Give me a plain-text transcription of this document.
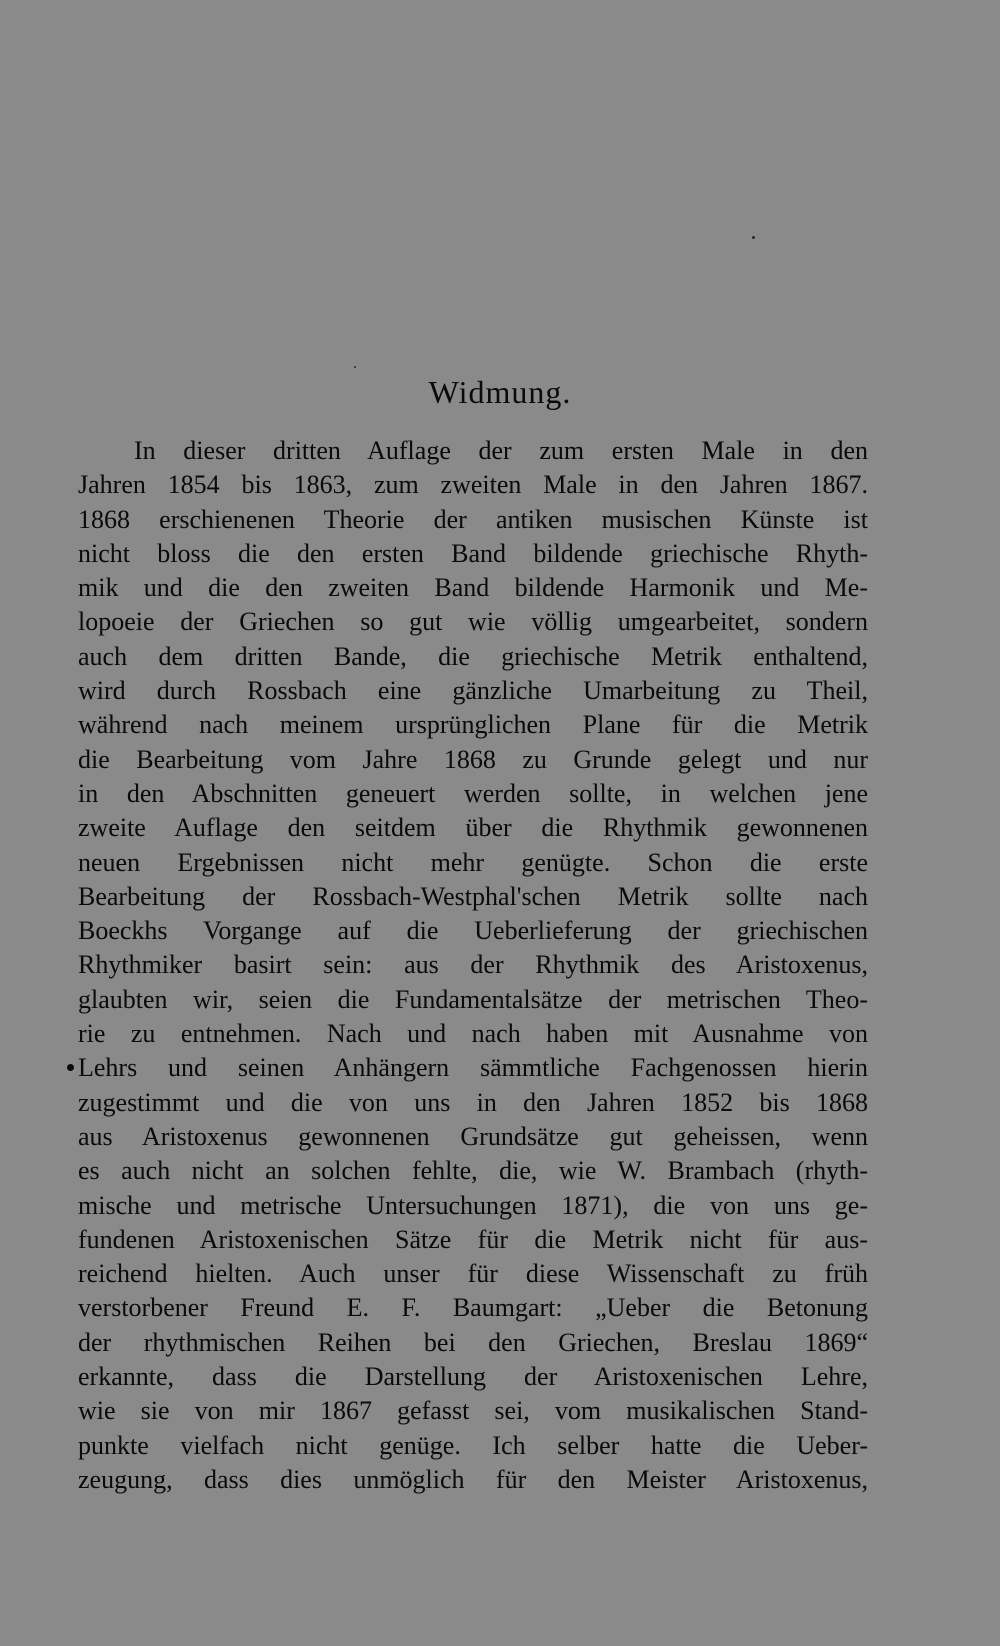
Widmung.
In dieser dritten Auflage der zum ersten Male in den
Jahren 1854 bis 1863, zum zweiten Male in den Jahren 1867.
1868 erschienenen Theorie der antiken musischen Künste ist
nicht bloss die den ersten Band bildende griechische Rhyth-
mik und die den zweiten Band bildende Harmonik und Me-
lopoeie der Griechen so gut wie völlig umgearbeitet, sondern
auch dem dritten Bande, die griechische Metrik enthaltend,
wird durch Rossbach eine gänzliche Umarbeitung zu Theil,
während nach meinem ursprünglichen Plane für die Metrik
die Bearbeitung vom Jahre 1868 zu Grunde gelegt und nur
in den Abschnitten geneuert werden sollte, in welchen jene
zweite Auflage den seitdem über die Rhythmik gewonnenen
neuen Ergebnissen nicht mehr genügte. Schon die erste
Bearbeitung der Rossbach-Westphal'schen Metrik sollte nach
Boeckhs Vorgange auf die Ueberlieferung der griechischen
Rhythmiker basirt sein: aus der Rhythmik des Aristoxenus,
glaubten wir, seien die Fundamentalsätze der metrischen Theo-
rie zu entnehmen. Nach und nach haben mit Ausnahme von
Lehrs und seinen Anhängern sämmtliche Fachgenossen hierin
zugestimmt und die von uns in den Jahren 1852 bis 1868
aus Aristoxenus gewonnenen Grundsätze gut geheissen, wenn
es auch nicht an solchen fehlte, die, wie W. Brambach (rhyth-
mische und metrische Untersuchungen 1871), die von uns ge-
fundenen Aristoxenischen Sätze für die Metrik nicht für aus-
reichend hielten. Auch unser für diese Wissenschaft zu früh
verstorbener Freund E. F. Baumgart: „Ueber die Betonung
der rhythmischen Reihen bei den Griechen, Breslau 1869“
erkannte, dass die Darstellung der Aristoxenischen Lehre,
wie sie von mir 1867 gefasst sei, vom musikalischen Stand-
punkte vielfach nicht genüge. Ich selber hatte die Ueber-
zeugung, dass dies unmöglich für den Meister Aristoxenus,
